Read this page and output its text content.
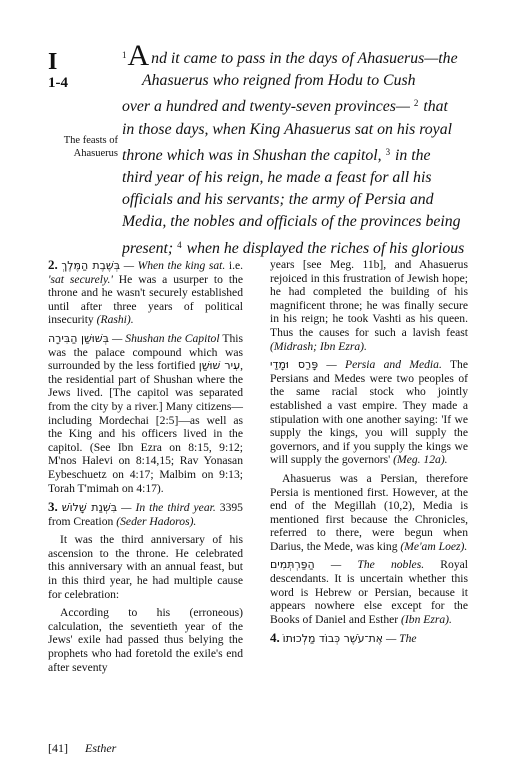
I
1-4
The feasts of Ahasuerus
$^1$A nd it came to pass in the days of Ahasuerus—the
Ahasuerus who reigned from Hodu to Cush
over a hundred and twenty-seven provinces— $^2$ that
in those days, when King Ahasuerus sat on his royal
throne which was in Shushan the capitol, $^3$ in the
third year of his reign, he made a feast for all his
officials and his servants; the army of Persia and
Media, the nobles and officials of the provinces being
present; $^4$ when he displayed the riches of his glorious

2. בְּשֶׁבֶת הַמֶּלֶךְ — When the king sat. i.e. 'sat securely.' He was a usurper to the throne and he wasn't securely established until after three years of political insecurity (Rashi).

בְּשׁוּשַׁן הַבִּירָה — Shushan the Capitol This was the palace compound which was surrounded by the less fortified עִיר שׁוּשַׁן, the residential part of Shushan where the Jews lived. [The capitol was separated from the city by a river.] Many citizens—including Mordechai [2:5]—as well as the King and his officers lived in the capitol. (See Ibn Ezra on 8:15, 9:12; M'nos Halevi on 8:14,15; Rav Yonasan Eybeschuetz on 4:17; Malbim on 9:13; Torah T'mimah on 4:17).

3. בִּשְׁנַת שָׁלוֹשׁ — In the third year. 3395 from Creation (Seder Hadoros).

It was the third anniversary of his ascension to the throne. He celebrated this anniversary with an annual feast, but in this third year, he had multiple cause for celebration:

According to his (erroneous) calculation, the seventieth year of the Jews' exile had passed thus belying the prophets who had foretold the exile's end after seventy

years [see Meg. 11b], and Ahasuerus rejoiced in this frustration of Jewish hope; he had completed the building of his magnificent throne; he was finally secure in his reign; he took Vashti as his queen. Thus the causes for such a lavish feast (Midrash; Ibn Ezra).

פָּרַס וּמָדַי — Persia and Media. The Persians and Medes were two peoples of the same racial stock who jointly established a vast empire. They made a stipulation with one another saying: 'If we supply the kings, you will supply the governors, and if you supply the kings we will supply the governors' (Meg. 12a).

Ahasuerus was a Persian, therefore Persia is mentioned first. However, at the end of the Megillah (10,2), Media is mentioned first because the Chronicles, referred to there, were begun when Darius, the Mede, was king (Me'am Loez).

הַפַּרְתְּמִים — The nobles. Royal descendants. It is uncertain whether this word is Hebrew or Persian, because it appears nowhere else except for the Books of Daniel and Esther (Ibn Ezra).

4. אֶת־עֹשֶׁר כְּבוֹד מַלְכוּתוֹ — The

[41] Esther
